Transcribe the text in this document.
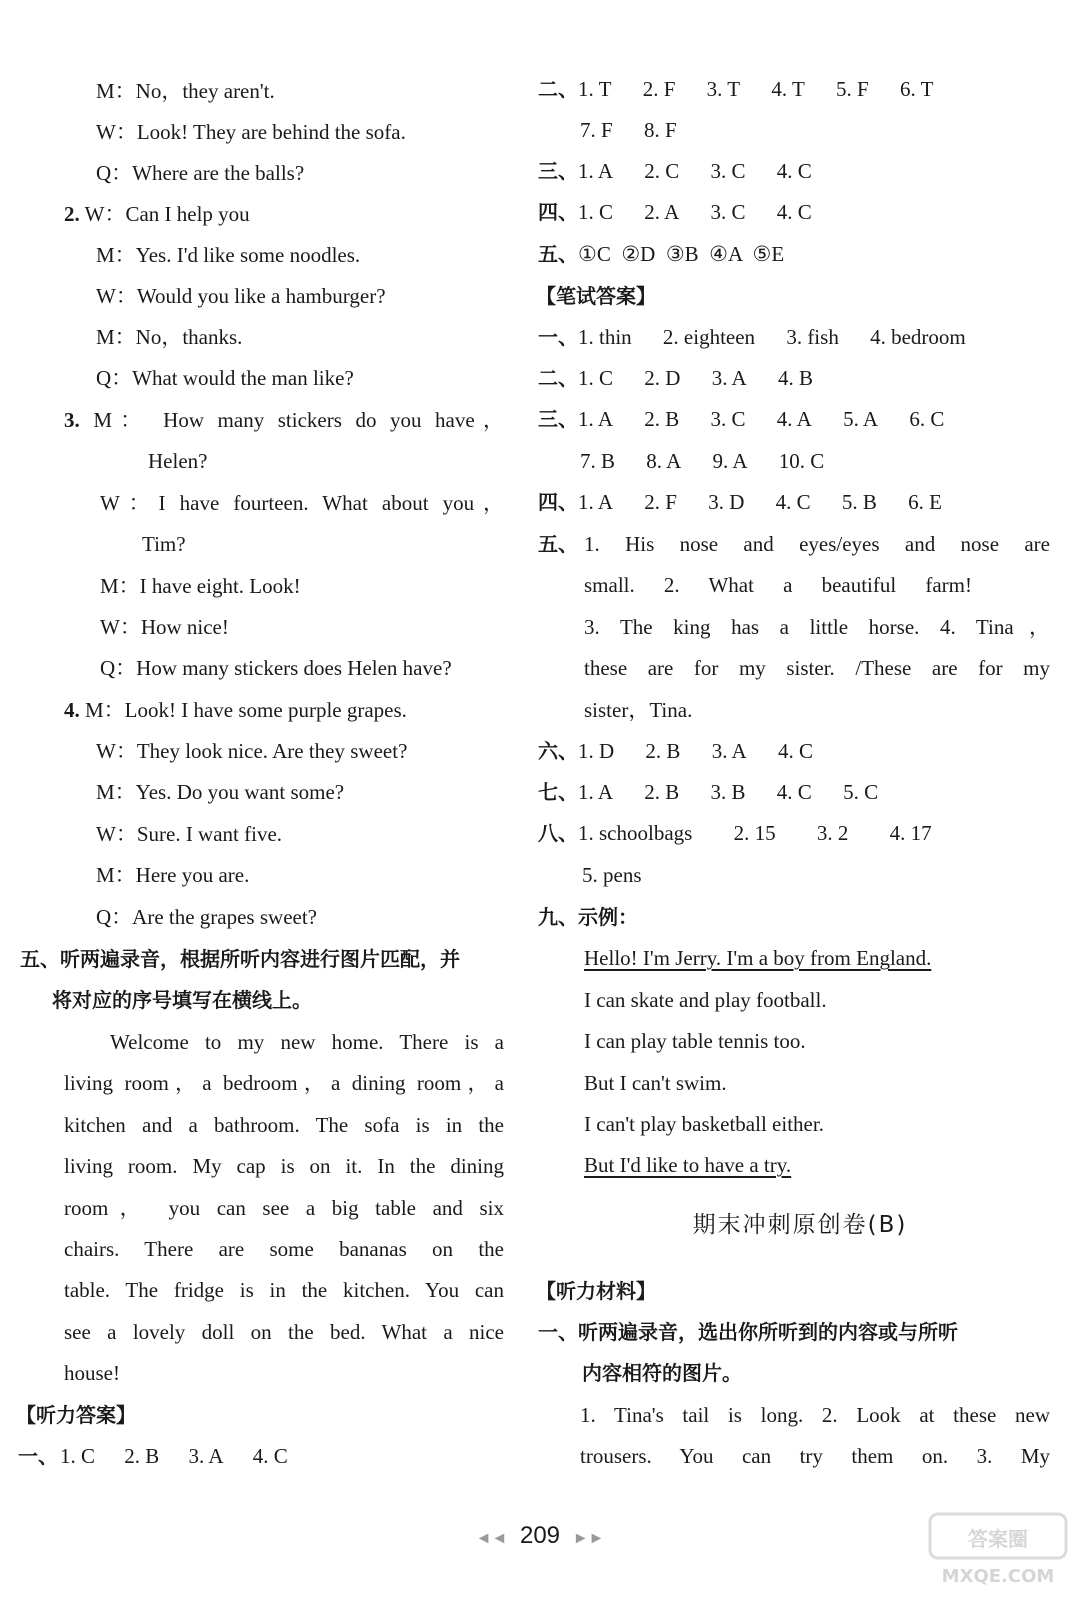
M：No，they aren't.
W：Look! They are behind the sofa.
Q：Where are the balls?
2. W：Can I help you
M：Yes. I'd like some noodles.
W：Would you like a hamburger?
M：No，thanks.
Q：What would the man like?
3. M： How many stickers do you have，
Helen?
W：I have fourteen. What about you，
Tim?
M：I have eight. Look!
W：How nice!
Q：How many stickers does Helen have?
4. M：Look! I have some purple grapes.
W：They look nice. Are they sweet?
M：Yes. Do you want some?
W：Sure. I want five.
M：Here you are.
Q：Are the grapes sweet?
五、听两遍录音，根据所听内容进行图片匹配，并
将对应的序号填写在横线上。
Welcome to my new home. There is a
living room，a bedroom，a dining room，a
kitchen and a bathroom. The sofa is in the
living room. My cap is on it. In the dining
room， you can see a big table and six
chairs. There are some bananas on the
table. The fridge is in the kitchen. You can
see a lovely doll on the bed. What a nice
house!
【听力答案】
一、1. C 2. B 3. A 4. C
二、1. T 2. F 3. T 4. T 5. F 6. T
7. F 8. F
三、1. A 2. C 3. C 4. C
四、1. C 2. A 3. C 4. C
五、①C  ②D  ③B  ④A  ⑤E
【笔试答案】
一、1. thin 2. eighteen 3. fish 4. bedroom
二、1. C 2. D 3. A 4. B
三、1. A 2. B 3. C 4. A 5. A 6. C
7. B 8. A 9. A 10. C
四、1. A 2. F 3. D 4. C 5. B 6. E
五、 1. His nose and eyes/eyes and nose are
small. 2. What a beautiful farm!
3. The king has a little horse. 4. Tina，
these are for my sister. /These are for my
sister，Tina.
六、1. D 2. B 3. A 4. C
七、1. A 2. B 3. B 4. C 5. C
八、1. schoolbags 2. 15 3. 2 4. 17
5. pens
九、示例：
Hello! I'm Jerry. I'm a boy from England.
I can skate and play football.
I can play table tennis too.
But I can't swim.
I can't play basketball either.
But I'd like to have a try.
期末冲刺原创卷(B)
【听力材料】
一、听两遍录音，选出你所听到的内容或与所听
内容相符的图片。
1. Tina's tail is long. 2. Look at these new
trousers. You can try them on. 3. My
◄◄ 209 ►►	答案圈
MXQE.COM
